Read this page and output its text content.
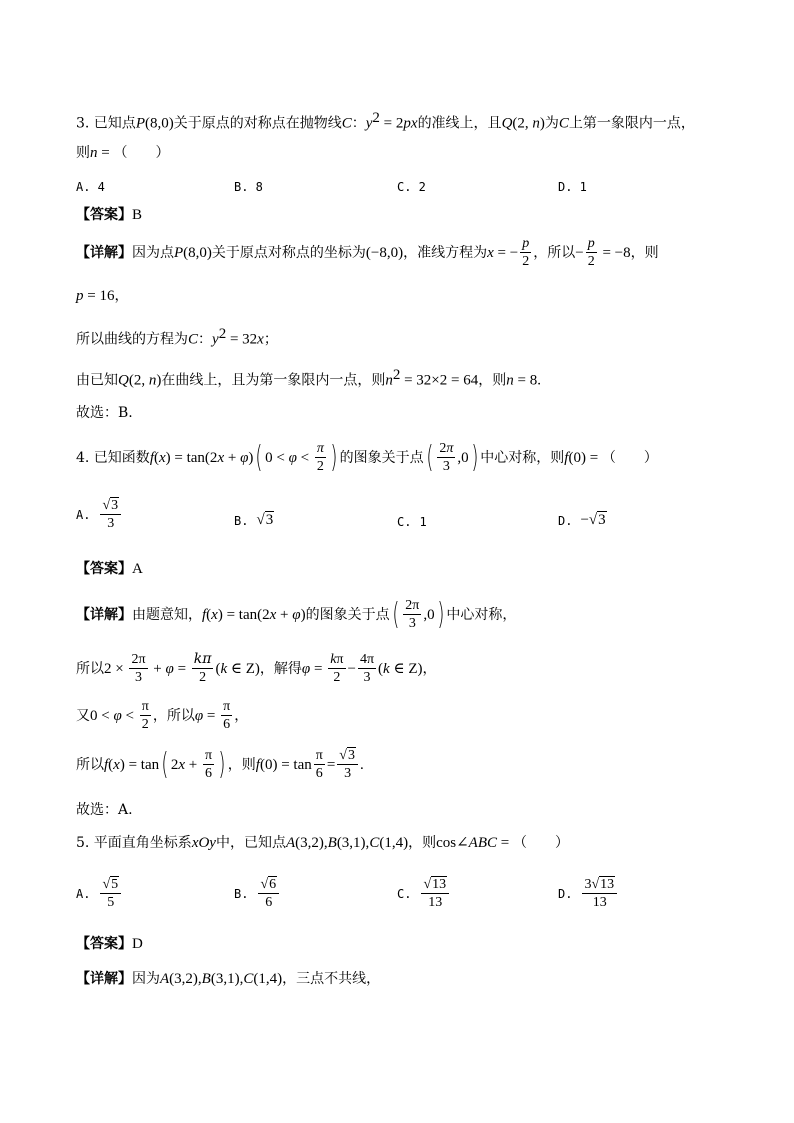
3. 已知点P(8,0)关于原点的对称点在抛物线C：$y^2 = 2px$的准线上，且Q(2, n)为C上第一象限内一点，
则n = （　　）
A. 4	B. 8	C. 2	D. 1
【答案】B
【详解】因为点P(8,0)关于原点对称点的坐标为(−8,0)，准线方程为x = − $\frac{p}{2}$ ，所以− $\frac{p}{2} = -8$，则
p = 16，
所以曲线的方程为C：$y^2 = 32x$；
由已知Q(2, n)在曲线上，且为第一象限内一点，则$n^2 = 32\times 2 = 64$，则n = 8.
故选：B.
4. 已知函数f(x) = tan(2x + φ)( $0 < \varphi < \frac{\pi}{2}$ ) 的图象关于点( $\frac{2\pi}{3} ,0$) 中心对称，则f(0) = （　　）
A. $\frac{√3}{3}$	B. √3	C. 1	D. −√3
【答案】A
【详解】由题意知，f(x) = tan(2x + φ)的图象关于点( $\frac{2\pi}{3} ,0$) 中心对称，
所以$2 \times \frac{2\pi}{3} + \varphi = \frac{k\pi}{2} (k$ ∈ Z)，解得$\varphi = \frac{k\pi}{2} - \frac{4\pi}{3} (k$ ∈ Z)，
又$0 < \varphi < \frac{\pi}{2}$ ，所以$\varphi = \frac{\pi}{6}$ ，
所以f(x) = tan( $2x + \frac{\pi}{6}$ ) ，则$f(0) = \tan \frac{\pi}{6} = \frac{√3}{3}$ .
故选：A.
5. 平面直角坐标系xOy中，已知点A(3,2),B(3,1),C(1,4)，则cos∠ABC = （　　）
A. $\frac{√5}{5}$	B. $\frac{√6}{6}$	C. $\frac{√13}{13}$	D. $\frac{3√13}{13}$
【答案】D
【详解】因为A(3,2),B(3,1),C(1,4)，三点不共线，
